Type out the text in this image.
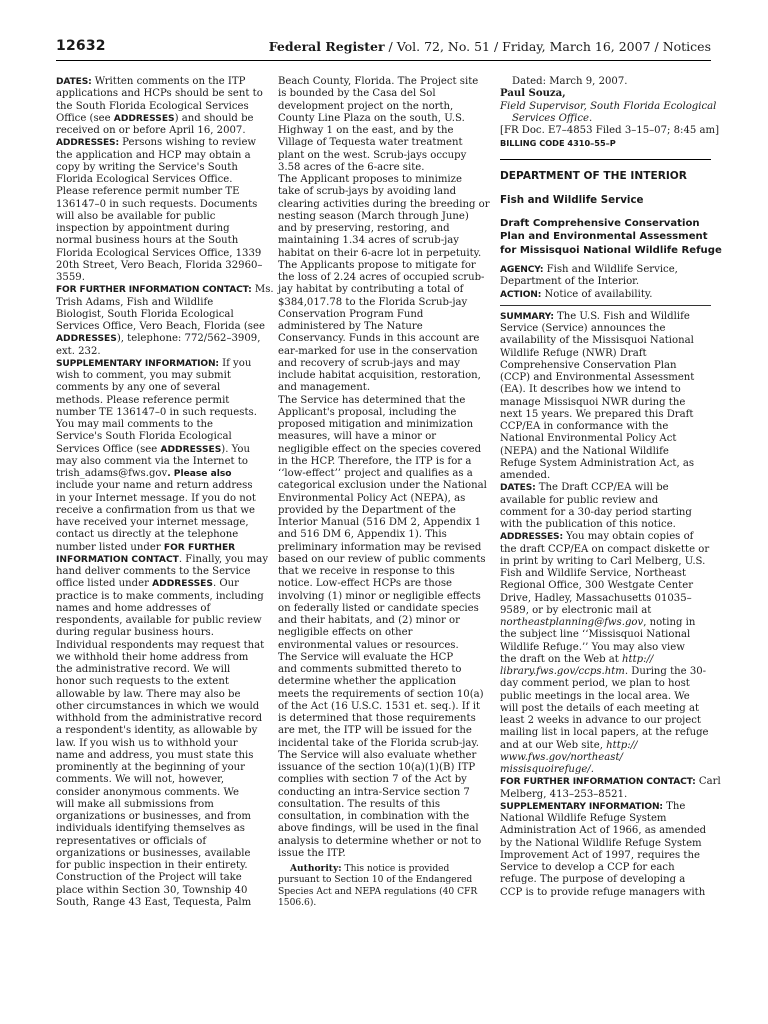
12632	Federal Register / Vol. 72, No. 51 / Friday, March 16, 2007 / Notices
DATES: Written comments on the ITP
applications and HCPs should be sent to
the South Florida Ecological Services
Office (see ADDRESSES) and should be
received on or before April 16, 2007.
ADDRESSES: Persons wishing to review
the application and HCP may obtain a
copy by writing the Service's South
Florida Ecological Services Office.
Please reference permit number TE
136147–0 in such requests. Documents
will also be available for public
inspection by appointment during
normal business hours at the South
Florida Ecological Services Office, 1339
20th Street, Vero Beach, Florida 32960–
3559.
FOR FURTHER INFORMATION CONTACT: Ms.
Trish Adams, Fish and Wildlife
Biologist, South Florida Ecological
Services Office, Vero Beach, Florida (see
ADDRESSES), telephone: 772/562–3909,
ext. 232.
SUPPLEMENTARY INFORMATION: If you
wish to comment, you may submit
comments by any one of several
methods. Please reference permit
number TE 136147–0 in such requests.
You may mail comments to the
Service's South Florida Ecological
Services Office (see ADDRESSES). You
may also comment via the Internet to
trish_adams@fws.gov. Please also
include your name and return address
in your Internet message. If you do not
receive a confirmation from us that we
have received your internet message,
contact us directly at the telephone
number listed under FOR FURTHER
INFORMATION CONTACT. Finally, you may
hand deliver comments to the Service
office listed under ADDRESSES. Our
practice is to make comments, including
names and home addresses of
respondents, available for public review
during regular business hours.
Individual respondents may request that
we withhold their home address from
the administrative record. We will
honor such requests to the extent
allowable by law. There may also be
other circumstances in which we would
withhold from the administrative record
a respondent's identity, as allowable by
law. If you wish us to withhold your
name and address, you must state this
prominently at the beginning of your
comments. We will not, however,
consider anonymous comments. We
will make all submissions from
organizations or businesses, and from
individuals identifying themselves as
representatives or officials of
organizations or businesses, available
for public inspection in their entirety.
Construction of the Project will take
place within Section 30, Township 40
South, Range 43 East, Tequesta, Palm
Beach County, Florida. The Project site
is bounded by the Casa del Sol
development project on the north,
County Line Plaza on the south, U.S.
Highway 1 on the east, and by the
Village of Tequesta water treatment
plant on the west. Scrub-jays occupy
3.58 acres of the 6-acre site.
The Applicant proposes to minimize
take of scrub-jays by avoiding land
clearing activities during the breeding or
nesting season (March through June)
and by preserving, restoring, and
maintaining 1.34 acres of scrub-jay
habitat on their 6-acre lot in perpetuity.
The Applicants propose to mitigate for
the loss of 2.24 acres of occupied scrub-
jay habitat by contributing a total of
$384,017.78 to the Florida Scrub-jay
Conservation Program Fund
administered by The Nature
Conservancy. Funds in this account are
ear-marked for use in the conservation
and recovery of scrub-jays and may
include habitat acquisition, restoration,
and management.
The Service has determined that the
Applicant's proposal, including the
proposed mitigation and minimization
measures, will have a minor or
negligible effect on the species covered
in the HCP. Therefore, the ITP is for a
‘‘low-effect’’ project and qualifies as a
categorical exclusion under the National
Environmental Policy Act (NEPA), as
provided by the Department of the
Interior Manual (516 DM 2, Appendix 1
and 516 DM 6, Appendix 1). This
preliminary information may be revised
based on our review of public comments
that we receive in response to this
notice. Low-effect HCPs are those
involving (1) minor or negligible effects
on federally listed or candidate species
and their habitats, and (2) minor or
negligible effects on other
environmental values or resources.
The Service will evaluate the HCP
and comments submitted thereto to
determine whether the application
meets the requirements of section 10(a)
of the Act (16 U.S.C. 1531 et. seq.). If it
is determined that those requirements
are met, the ITP will be issued for the
incidental take of the Florida scrub-jay.
The Service will also evaluate whether
issuance of the section 10(a)(1)(B) ITP
complies with section 7 of the Act by
conducting an intra-Service section 7
consultation. The results of this
consultation, in combination with the
above findings, will be used in the final
analysis to determine whether or not to
issue the ITP.
Authority: This notice is provided
pursuant to Section 10 of the Endangered
Species Act and NEPA regulations (40 CFR
1506.6).
Dated: March 9, 2007.
Paul Souza,
Field Supervisor, South Florida Ecological
Services Office.
[FR Doc. E7–4853 Filed 3–15–07; 8:45 am]
BILLING CODE 4310–55–P
DEPARTMENT OF THE INTERIOR
Fish and Wildlife Service
Draft Comprehensive Conservation
Plan and Environmental Assessment
for Missisquoi National Wildlife Refuge
AGENCY: Fish and Wildlife Service,
Department of the Interior.
ACTION: Notice of availability.
SUMMARY: The U.S. Fish and Wildlife
Service (Service) announces the
availability of the Missisquoi National
Wildlife Refuge (NWR) Draft
Comprehensive Conservation Plan
(CCP) and Environmental Assessment
(EA). It describes how we intend to
manage Missisquoi NWR during the
next 15 years. We prepared this Draft
CCP/EA in conformance with the
National Environmental Policy Act
(NEPA) and the National Wildlife
Refuge System Administration Act, as
amended.
DATES: The Draft CCP/EA will be
available for public review and
comment for a 30-day period starting
with the publication of this notice.
ADDRESSES: You may obtain copies of
the draft CCP/EA on compact diskette or
in print by writing to Carl Melberg, U.S.
Fish and Wildlife Service, Northeast
Regional Office, 300 Westgate Center
Drive, Hadley, Massachusetts 01035–
9589, or by electronic mail at
northeastplanning@fws.gov, noting in
the subject line ‘‘Missisquoi National
Wildlife Refuge.’’ You may also view
the draft on the Web at http://
library.fws.gov/ccps.htm. During the 30-
day comment period, we plan to host
public meetings in the local area. We
will post the details of each meeting at
least 2 weeks in advance to our project
mailing list in local papers, at the refuge
and at our Web site, http://
www.fws.gov/northeast/
missisquoirefuge/.
FOR FURTHER INFORMATION CONTACT: Carl
Melberg, 413–253–8521.
SUPPLEMENTARY INFORMATION: The
National Wildlife Refuge System
Administration Act of 1966, as amended
by the National Wildlife Refuge System
Improvement Act of 1997, requires the
Service to develop a CCP for each
refuge. The purpose of developing a
CCP is to provide refuge managers with
